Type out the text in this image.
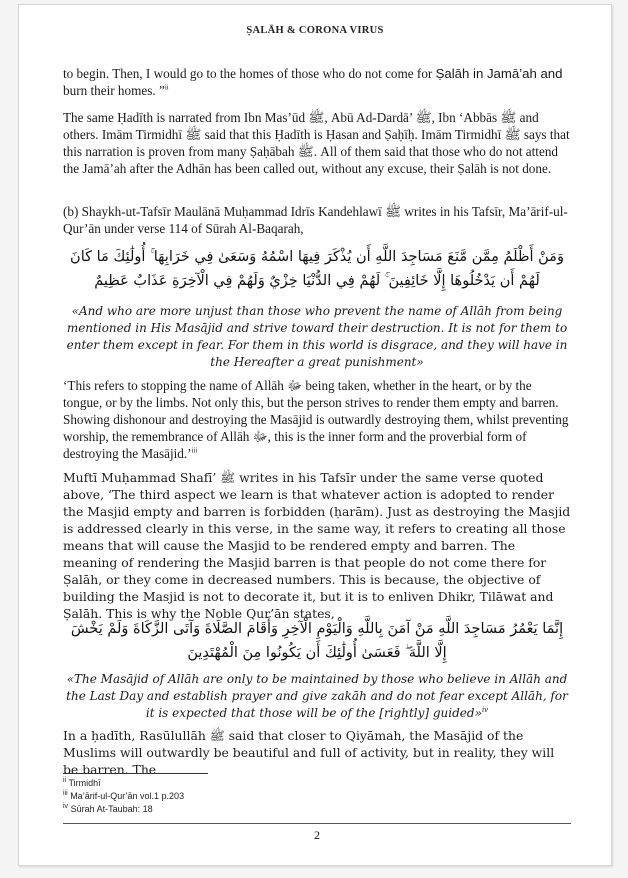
ṢALĀH & CORONA VIRUS

to begin. Then, I would go to the homes of those who do not come for Ṣalāh in Jamā’ah and
burn their homes. ”$^{ii}$

The same Ḥadīth is narrated from Ibn Mas’ūd ﷺ, Abū Ad-Dardā’ ﷺ, Ibn ‘Abbās ﷺ and others. Imām Tirmidhī ﷺ said that this Ḥadīth is Ḥasan and Ṣaḥīḥ. Imām Tirmidhī ﷺ says that this narration is proven from many Ṣaḥābah ﷺ. All of them said that those who do not attend the Jamā’ah after the Adhān has been called out, without any excuse, their Ṣalāh is not done.

(b) Shaykh-ut-Tafsīr Maulānā Muḥammad Idrīs Kandehlawī ﷺ writes in his Tafsīr, Ma’ārif-ul-Qur’ān under verse 114 of Sūrah Al-Baqarah,

وَمَنْ أَظْلَمُ مِمَّن مَّنَعَ مَسَاجِدَ اللَّهِ أَن يُذْكَرَ فِيهَا اسْمُهُ وَسَعَىٰ فِي خَرَابِهَا ۚ أُولَٰئِكَ مَا كَانَ لَهُمْ أَن يَدْخُلُوهَا إِلَّا خَائِفِينَ ۚ لَهُمْ فِي الدُّنْيَا خِزْيٌ وَلَهُمْ فِي الْآخِرَةِ عَذَابٌ عَظِيمٌ

«And who are more unjust than those who prevent the name of Allāh from being mentioned in His Masājid and strive toward their destruction. It is not for them to enter them except in fear. For them in this world is disgrace, and they will have in the Hereafter a great punishment»

‘This refers to stopping the name of Allāh ﷻ being taken, whether in the heart, or by the tongue, or by the limbs. Not only this, but the person strives to render them empty and barren. Showing dishonour and destroying the Masājid is outwardly destroying them, whilst preventing worship, the remembrance of Allāh ﷻ, this is the inner form and the proverbial form of destroying the Masājid.’$^{iii}$

Muftī Muḥammad Shafī’ ﷺ writes in his Tafsīr under the same verse quoted above, ‘The third aspect we learn is that whatever action is adopted to render the Masjid empty and barren is forbidden (ḥarām). Just as destroying the Masjid is addressed clearly in this verse, in the same way, it refers to creating all those means that will cause the Masjid to be rendered empty and barren. The meaning of rendering the Masjid barren is that people do not come there for Ṣalāh, or they come in decreased numbers. This is because, the objective of building the Masjid is not to decorate it, but it is to enliven Dhikr, Tilāwat and Ṣalāh. This is why the Noble Qur’ān states,

إِنَّمَا يَعْمُرُ مَسَاجِدَ اللَّهِ مَنْ آمَنَ بِاللَّهِ وَالْيَوْمِ الْآخِرِ وَأَقَامَ الصَّلَاةَ وَآتَى الزَّكَاةَ وَلَمْ يَخْشَ إِلَّا اللَّهَ ۖ فَعَسَىٰ أُولَٰئِكَ أَن يَكُونُوا مِنَ الْمُهْتَدِينَ

«The Masājid of Allāh are only to be maintained by those who believe in Allāh and the Last Day and establish prayer and give zakāh and do not fear except Allāh, for it is expected that those will be of the [rightly] guided»$^{iv}$

In a ḥadīth, Rasūlullāh ﷺ said that closer to Qiyāmah, the Masājid of the Muslims will outwardly be beautiful and full of activity, but in reality, they will be barren. The

$^{ii}$ Tirmidhī
$^{iii}$ Ma’ārif-ul-Qur’ān vol.1 p.203
$^{iv}$ Sūrah At-Taubah: 18
2
